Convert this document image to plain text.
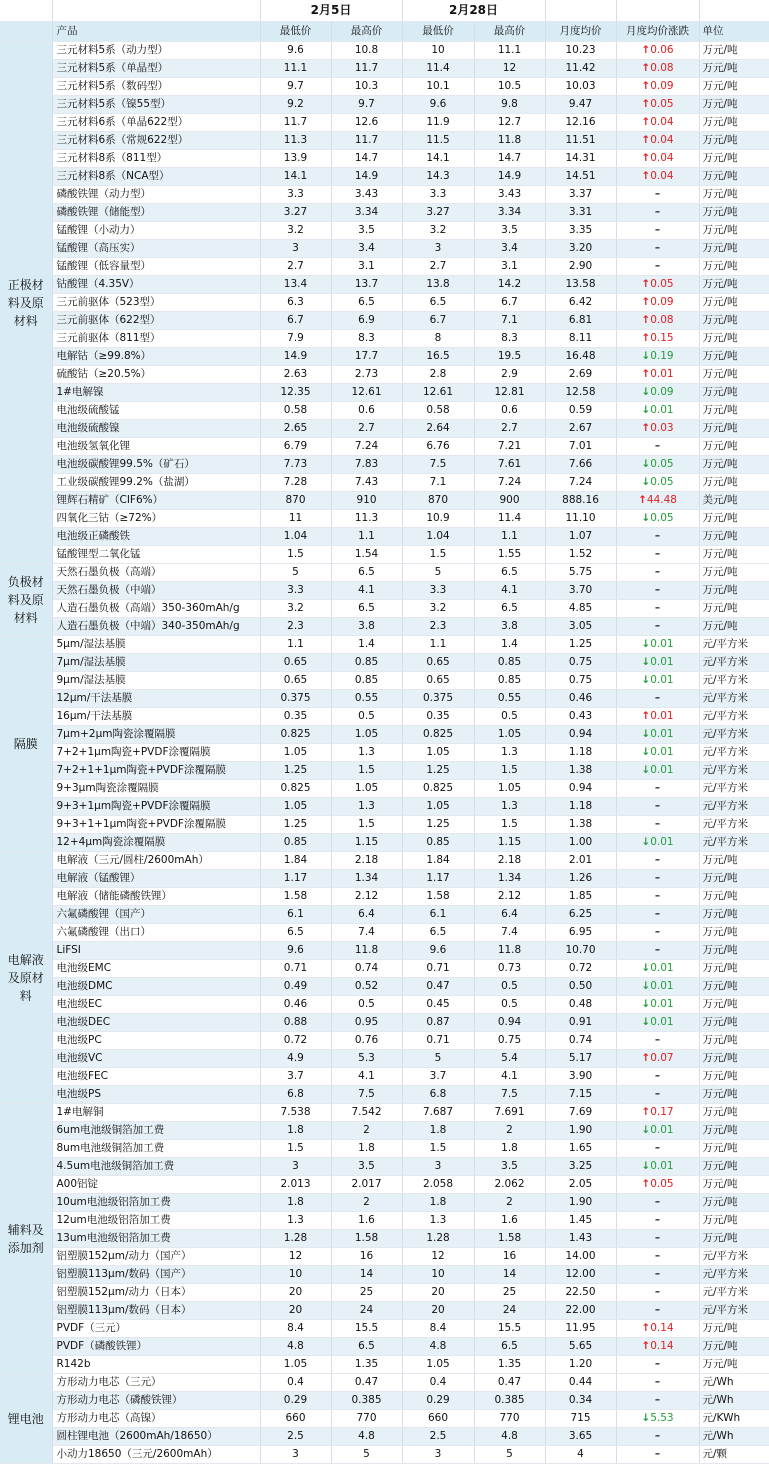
		2月5日		2月28日				
	产品	最低价	最高价	最低价	最高价	月度均价	月度均价涨跌	单位
正极材料及原材料	三元材料5系（动力型）	9.6	10.8	10	11.1	10.23	↑0.06	万元/吨
	三元材料5系（单晶型）	11.1	11.7	11.4	12	11.42	↑0.08	万元/吨
	三元材料5系（数码型）	9.7	10.3	10.1	10.5	10.03	↑0.09	万元/吨
	三元材料5系（镍55型）	9.2	9.7	9.6	9.8	9.47	↑0.05	万元/吨
	三元材料6系（单晶622型）	11.7	12.6	11.9	12.7	12.16	↑0.04	万元/吨
	三元材料6系（常规622型）	11.3	11.7	11.5	11.8	11.51	↑0.04	万元/吨
	三元材料8系（811型）	13.9	14.7	14.1	14.7	14.31	↑0.04	万元/吨
	三元材料8系（NCA型）	14.1	14.9	14.3	14.9	14.51	↑0.04	万元/吨
	磷酸铁锂（动力型）	3.3	3.43	3.3	3.43	3.37	–	万元/吨
	磷酸铁锂（储能型）	3.27	3.34	3.27	3.34	3.31	–	万元/吨
	锰酸锂（小动力）	3.2	3.5	3.2	3.5	3.35	–	万元/吨
	锰酸锂（高压实）	3	3.4	3	3.4	3.20	–	万元/吨
	锰酸锂（低容量型）	2.7	3.1	2.7	3.1	2.90	–	万元/吨
	钴酸锂（4.35V）	13.4	13.7	13.8	14.2	13.58	↑0.05	万元/吨
	三元前驱体（523型）	6.3	6.5	6.5	6.7	6.42	↑0.09	万元/吨
	三元前驱体（622型）	6.7	6.9	6.7	7.1	6.81	↑0.08	万元/吨
	三元前驱体（811型）	7.9	8.3	8	8.3	8.11	↑0.15	万元/吨
	电解钴（≥99.8%）	14.9	17.7	16.5	19.5	16.48	↓0.19	万元/吨
	硫酸钴（≥20.5%）	2.63	2.73	2.8	2.9	2.69	↑0.01	万元/吨
	1#电解镍	12.35	12.61	12.61	12.81	12.58	↓0.09	万元/吨
	电池级硫酸锰	0.58	0.6	0.58	0.6	0.59	↓0.01	万元/吨
	电池级硫酸镍	2.65	2.7	2.64	2.7	2.67	↑0.03	万元/吨
	电池级氢氧化锂	6.79	7.24	6.76	7.21	7.01	–	万元/吨
	电池级碳酸锂99.5%（矿石）	7.73	7.83	7.5	7.61	7.66	↓0.05	万元/吨
	工业级碳酸锂99.2%（盐湖）	7.28	7.43	7.1	7.24	7.24	↓0.05	万元/吨
	锂辉石精矿（CIF6%）	870	910	870	900	888.16	↑44.48	美元/吨
	四氧化三钴（≥72%）	11	11.3	10.9	11.4	11.10	↓0.05	万元/吨
	电池级正磷酸铁	1.04	1.1	1.04	1.1	1.07	–	万元/吨
	锰酸锂型二氧化锰	1.5	1.54	1.5	1.55	1.52	–	万元/吨
负极材料及原材料	天然石墨负极（高端）	5	6.5	5	6.5	5.75	–	万元/吨
	天然石墨负极（中端）	3.3	4.1	3.3	4.1	3.70	–	万元/吨
	人造石墨负极（高端）350-360mAh/g	3.2	6.5	3.2	6.5	4.85	–	万元/吨
	人造石墨负极（中端）340-350mAh/g	2.3	3.8	2.3	3.8	3.05	–	万元/吨
隔膜	5μm/湿法基膜	1.1	1.4	1.1	1.4	1.25	↓0.01	元/平方米
	7μm/湿法基膜	0.65	0.85	0.65	0.85	0.75	↓0.01	元/平方米
	9μm/湿法基膜	0.65	0.85	0.65	0.85	0.75	↓0.01	元/平方米
	12μm/干法基膜	0.375	0.55	0.375	0.55	0.46	–	元/平方米
	16μm/干法基膜	0.35	0.5	0.35	0.5	0.43	↑0.01	元/平方米
	7μm+2μm陶瓷涂覆隔膜	0.825	1.05	0.825	1.05	0.94	↓0.01	元/平方米
	7+2+1μm陶瓷+PVDF涂覆隔膜	1.05	1.3	1.05	1.3	1.18	↓0.01	元/平方米
	7+2+1+1μm陶瓷+PVDF涂覆隔膜	1.25	1.5	1.25	1.5	1.38	↓0.01	元/平方米
	9+3μm陶瓷涂覆隔膜	0.825	1.05	0.825	1.05	0.94	–	元/平方米
	9+3+1μm陶瓷+PVDF涂覆隔膜	1.05	1.3	1.05	1.3	1.18	–	元/平方米
	9+3+1+1μm陶瓷+PVDF涂覆隔膜	1.25	1.5	1.25	1.5	1.38	–	元/平方米
	12+4μm陶瓷涂覆隔膜	0.85	1.15	0.85	1.15	1.00	↓0.01	元/平方米
电解液及原材料	电解液（三元/圆柱/2600mAh）	1.84	2.18	1.84	2.18	2.01	–	万元/吨
	电解液（锰酸锂）	1.17	1.34	1.17	1.34	1.26	–	万元/吨
	电解液（储能磷酸铁锂）	1.58	2.12	1.58	2.12	1.85	–	万元/吨
	六氟磷酸锂（国产）	6.1	6.4	6.1	6.4	6.25	–	万元/吨
	六氟磷酸锂（出口）	6.5	7.4	6.5	7.4	6.95	–	万元/吨
	LiFSI	9.6	11.8	9.6	11.8	10.70	–	万元/吨
	电池级EMC	0.71	0.74	0.71	0.73	0.72	↓0.01	万元/吨
	电池级DMC	0.49	0.52	0.47	0.5	0.50	↓0.01	万元/吨
	电池级EC	0.46	0.5	0.45	0.5	0.48	↓0.01	万元/吨
	电池级DEC	0.88	0.95	0.87	0.94	0.91	↓0.01	万元/吨
	电池级PC	0.72	0.76	0.71	0.75	0.74	–	万元/吨
	电池级VC	4.9	5.3	5	5.4	5.17	↑0.07	万元/吨
	电池级FEC	3.7	4.1	3.7	4.1	3.90	–	万元/吨
	电池级PS	6.8	7.5	6.8	7.5	7.15	–	万元/吨
辅料及添加剂	1#电解铜	7.538	7.542	7.687	7.691	7.69	↑0.17	万元/吨
	6um电池级铜箔加工费	1.8	2	1.8	2	1.90	↓0.01	万元/吨
	8um电池级铜箔加工费	1.5	1.8	1.5	1.8	1.65	–	万元/吨
	4.5um电池级铜箔加工费	3	3.5	3	3.5	3.25	↓0.01	万元/吨
	A00铝锭	2.013	2.017	2.058	2.062	2.05	↑0.05	万元/吨
	10um电池级铝箔加工费	1.8	2	1.8	2	1.90	–	万元/吨
	12um电池级铝箔加工费	1.3	1.6	1.3	1.6	1.45	–	万元/吨
	13um电池级铝箔加工费	1.28	1.58	1.28	1.58	1.43	–	万元/吨
	铝塑膜152μm/动力（国产）	12	16	12	16	14.00	–	元/平方米
	铝塑膜113μm/数码（国产）	10	14	10	14	12.00	–	元/平方米
	铝塑膜152μm/动力（日本）	20	25	20	25	22.50	–	元/平方米
	铝塑膜113μm/数码（日本）	20	24	20	24	22.00	–	元/平方米
	PVDF（三元）	8.4	15.5	8.4	15.5	11.95	↑0.14	万元/吨
	PVDF（磷酸铁锂）	4.8	6.5	4.8	6.5	5.65	↑0.14	万元/吨
	R142b	1.05	1.35	1.05	1.35	1.20	–	万元/吨
锂电池	方形动力电芯（三元）	0.4	0.47	0.4	0.47	0.44	–	元/Wh
	方形动力电芯（磷酸铁锂）	0.29	0.385	0.29	0.385	0.34	–	元/Wh
	方形动力电芯（高镍）	660	770	660	770	715	↓5.53	元/KWh
	圆柱锂电池（2600mAh/18650）	2.5	4.8	2.5	4.8	3.65	–	元/Wh
	小动力18650（三元/2600mAh）	3	5	3	5	4	–	元/颗
